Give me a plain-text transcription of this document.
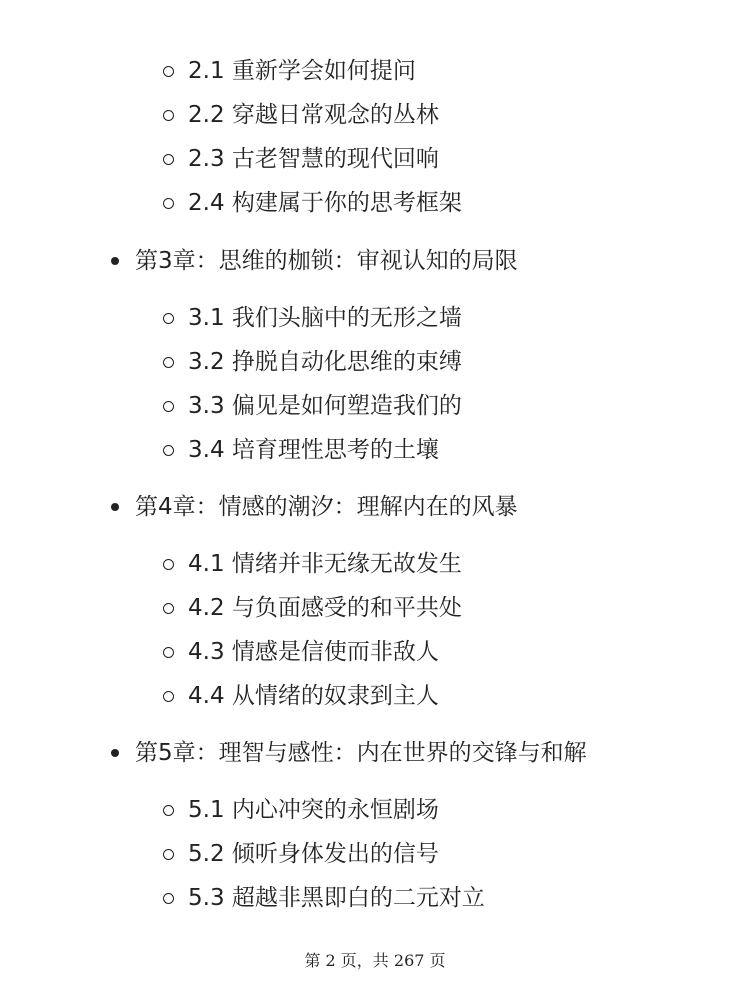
2.1 重新学会如何提问
2.2 穿越日常观念的丛林
2.3 古老智慧的现代回响
2.4 构建属于你的思考框架
第3章：思维的枷锁：审视认知的局限
3.1 我们头脑中的无形之墙
3.2 挣脱自动化思维的束缚
3.3 偏见是如何塑造我们的
3.4 培育理性思考的土壤
第4章：情感的潮汐：理解内在的风暴
4.1 情绪并非无缘无故发生
4.2 与负面感受的和平共处
4.3 情感是信使而非敌人
4.4 从情绪的奴隶到主人
第5章：理智与感性：内在世界的交锋与和解
5.1 内心冲突的永恒剧场
5.2 倾听身体发出的信号
5.3 超越非黑即白的二元对立
第 2 页，共 267 页
